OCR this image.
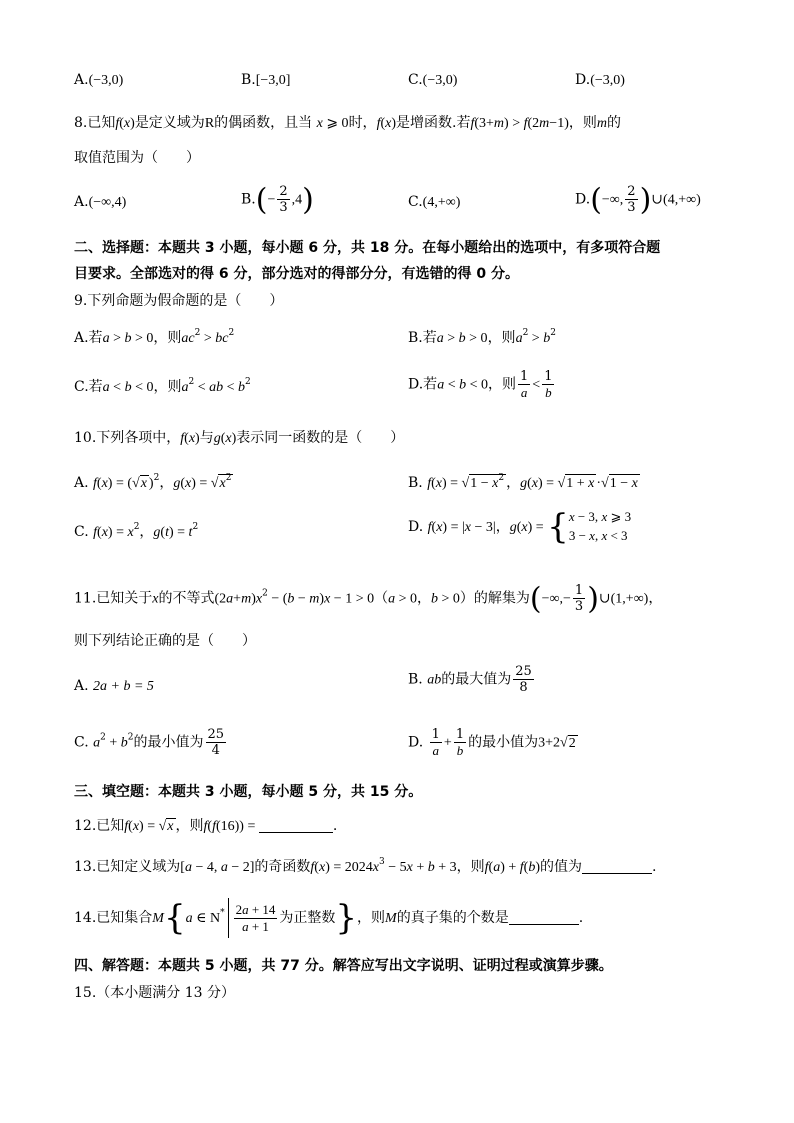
A.(−3,0)	B.[−3,0]	C.(−3,0)	D.(−3,0)
8.已知f(x)是定义域为R的偶函数，且当 x ⩾ 0时，f(x)是增函数.若f(3+m) > f(2m−1)，则m的
取值范围为（　　）
A.(−∞,4)	$B.(- \frac{2}{3} ,4)$	C.(4,+∞)	D.(−∞, $\frac{2}{3}$ )∪(4,+∞)
二、选择题：本题共 3 小题，每小题 6 分，共 18 分。在每小题给出的选项中，有多项符合题
目要求。全部选对的得 6 分，部分选对的得部分分，有选错的得 0 分。
9.下列命题为假命题的是（　　）
A.若a > b > 0，则$ac^2 > bc^2$	B.若a > b > 0，则$a^2 > b^2$
C.若a < b < 0，则$a^2$ < ab < $b^2$	D.若a < b < 0，则 $\frac{1}{a} < \frac{1}{b}$
10.下列各项中，f(x)与g(x)表示同一函数的是（　　）
A. f(x) = (√x )$^2$，$g(x) = √x^2$	B. $f(x) = √1 - x^2$ ，g(x) = √1 + x ·√1 − x
C. $f(x) = x^2$，$g(t) = t^2$	D. f(x) = |x − 3|，g(x) = {x − 3, x ⩾ 3
3 − x, x < 3
11.已知关于x的不等式$(2a+m)x^2 - (b - m)x - 1 > 0(a > 0$，b > 0）的解集为(−∞,− $\frac{1}{3}$ )∪(1,+∞)，
则下列结论正确的是（　　）
A. 2a + b = 5	B. ab的最大值为 $\frac{25}{8}$
C. $a^2 + b^2$的最小值为 $\frac{25}{4}$	D. $\frac{1}{a} + \frac{1}{b}$ 的最小值为3+2√2
三、填空题：本题共 3 小题，每小题 5 分，共 15 分。
12.已知f(x) = √x ，则f(f(16)) =	.
13.已知定义域为[a − 4, a − 2]的奇函数$f(x) = 2024x^3 - 5x + b + 3$，则f(a) + f(b)的值为	.
14.已知集合M{a ∈ $N^* \frac{2a + 14}{a + 1}$ 为正整数}，则M的真子集的个数是	.
四、解答题：本题共 5 小题，共 77 分。解答应写出文字说明、证明过程或演算步骤。
15.（本小题满分 13 分）
